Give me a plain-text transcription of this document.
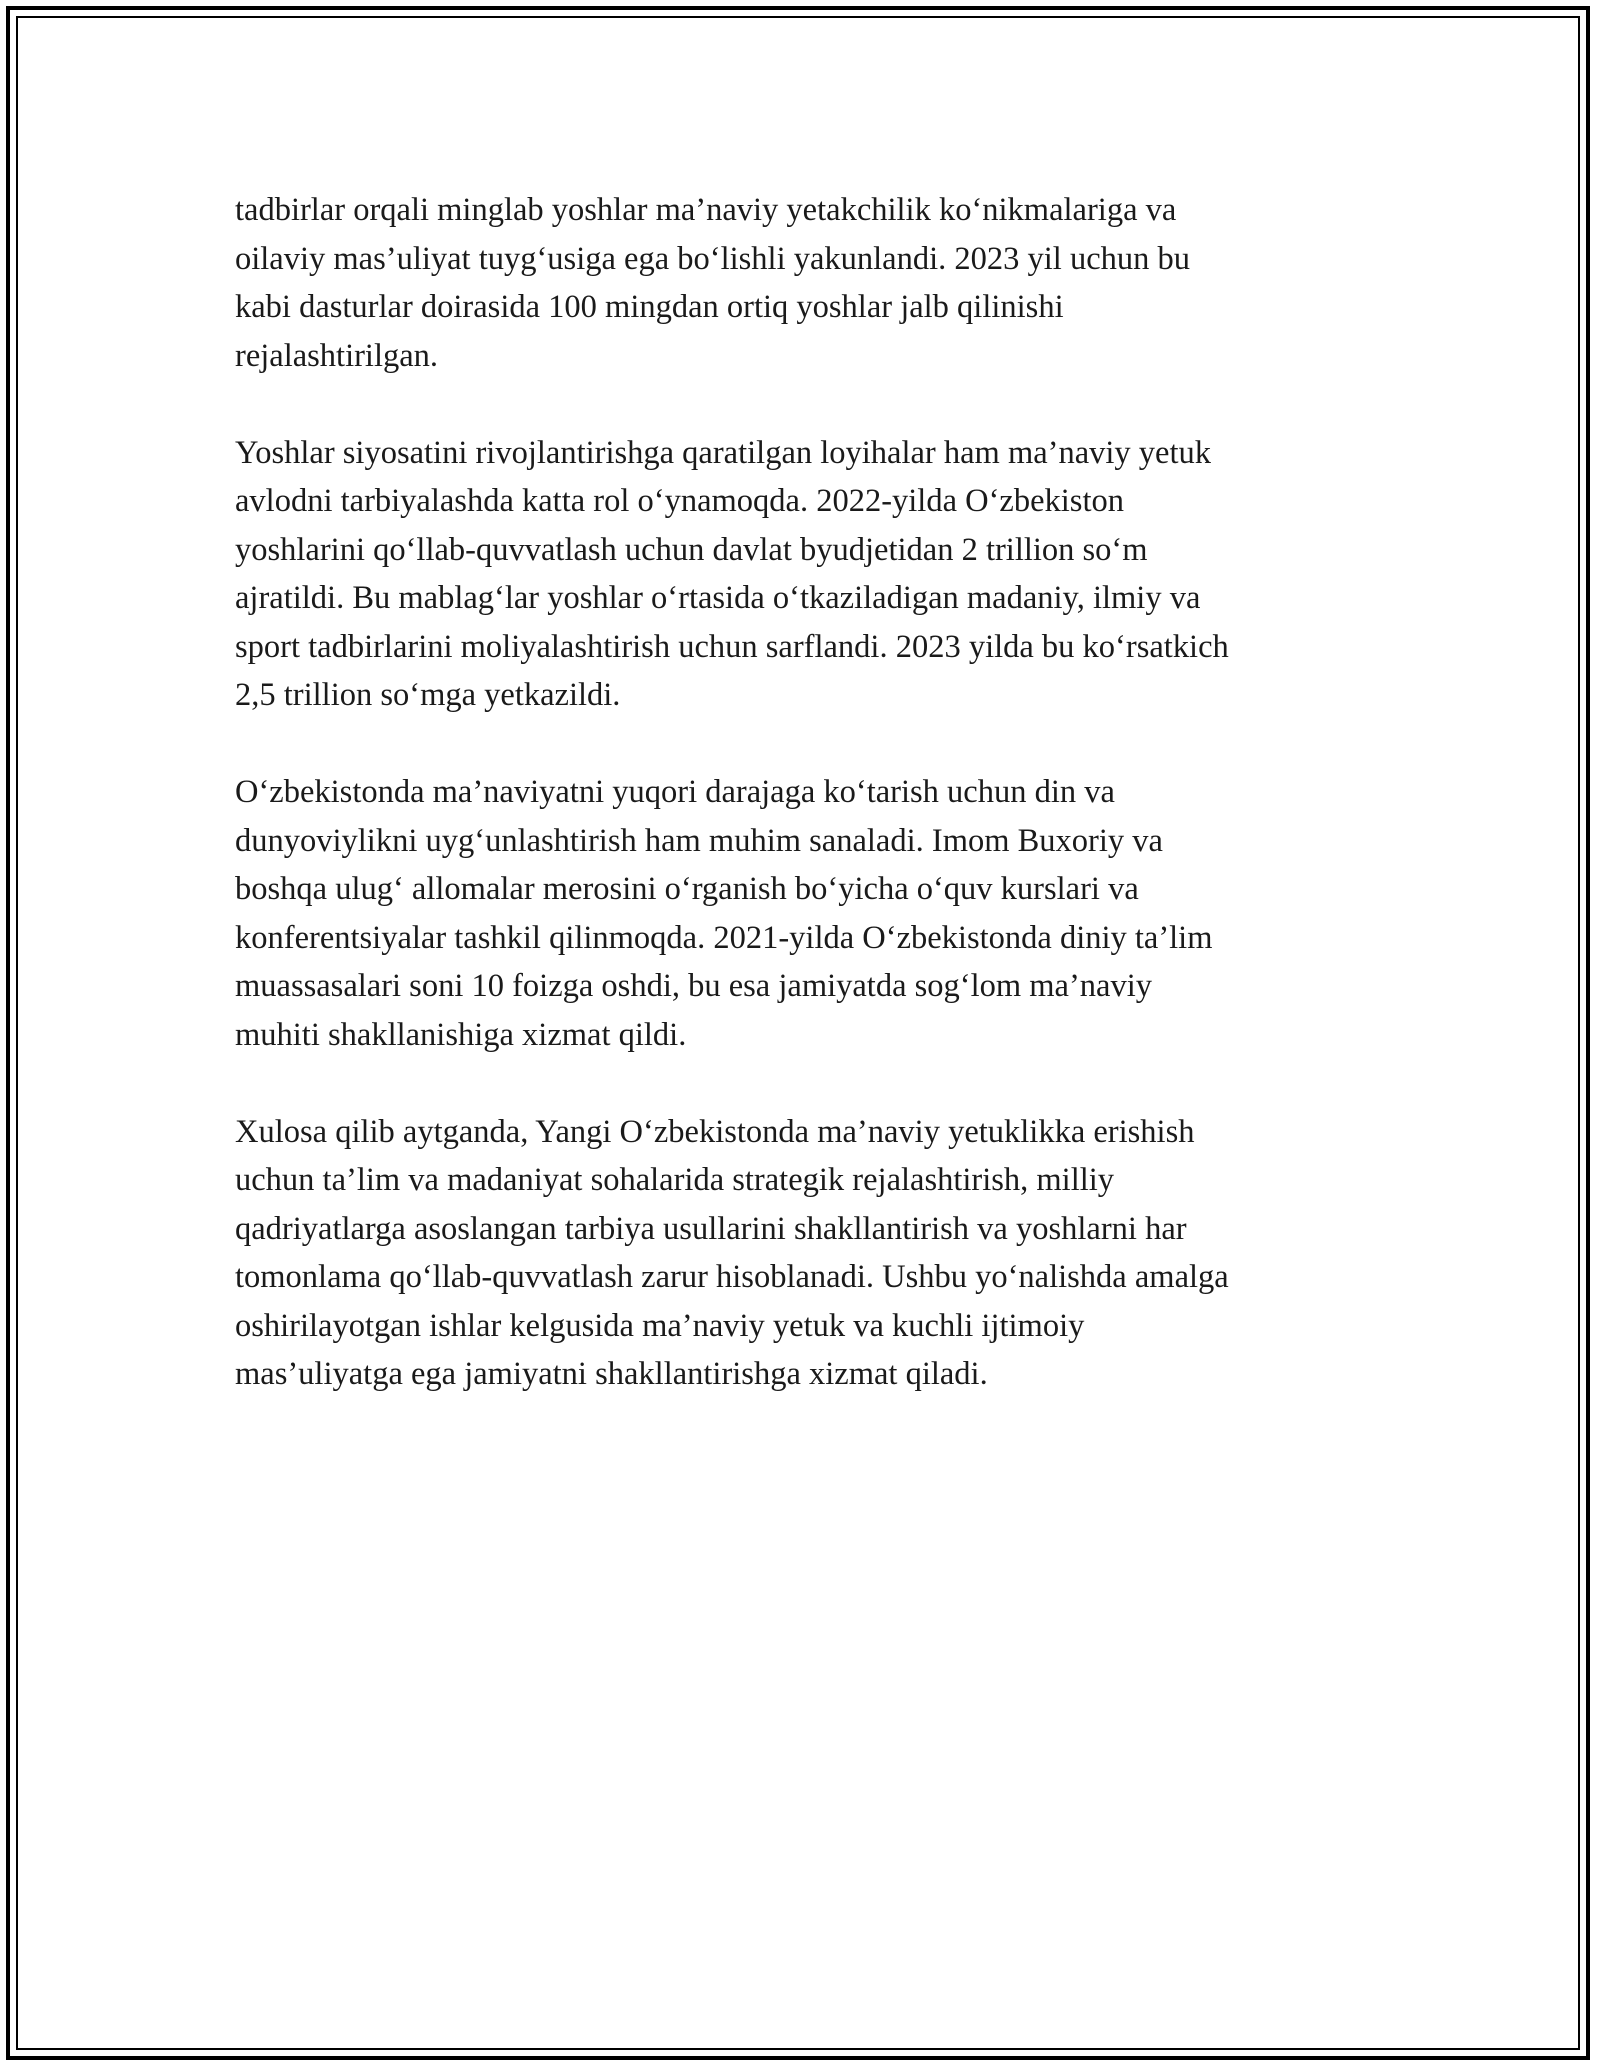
tadbirlar orqali minglab yoshlar ma’naviy yetakchilik ko‘nikmalariga va
oilaviy mas’uliyat tuyg‘usiga ega bo‘lishli yakunlandi. 2023 yil uchun bu
kabi dasturlar doirasida 100 mingdan ortiq yoshlar jalb qilinishi
rejalashtirilgan.

Yoshlar siyosatini rivojlantirishga qaratilgan loyihalar ham ma’naviy yetuk
avlodni tarbiyalashda katta rol o‘ynamoqda. 2022-yilda O‘zbekiston
yoshlarini qo‘llab-quvvatlash uchun davlat byudjetidan 2 trillion so‘m
ajratildi. Bu mablag‘lar yoshlar o‘rtasida o‘tkaziladigan madaniy, ilmiy va
sport tadbirlarini moliyalashtirish uchun sarflandi. 2023 yilda bu ko‘rsatkich
2,5 trillion so‘mga yetkazildi.

O‘zbekistonda ma’naviyatni yuqori darajaga ko‘tarish uchun din va
dunyoviylikni uyg‘unlashtirish ham muhim sanaladi. Imom Buxoriy va
boshqa ulug‘ allomalar merosini o‘rganish bo‘yicha o‘quv kurslari va
konferentsiyalar tashkil qilinmoqda. 2021-yilda O‘zbekistonda diniy ta’lim
muassasalari soni 10 foizga oshdi, bu esa jamiyatda sog‘lom ma’naviy
muhiti shakllanishiga xizmat qildi.

Xulosa qilib aytganda, Yangi O‘zbekistonda ma’naviy yetuklikka erishish
uchun ta’lim va madaniyat sohalarida strategik rejalashtirish, milliy
qadriyatlarga asoslangan tarbiya usullarini shakllantirish va yoshlarni har
tomonlama qo‘llab-quvvatlash zarur hisoblanadi. Ushbu yo‘nalishda amalga
oshirilayotgan ishlar kelgusida ma’naviy yetuk va kuchli ijtimoiy
mas’uliyatga ega jamiyatni shakllantirishga xizmat qiladi.
